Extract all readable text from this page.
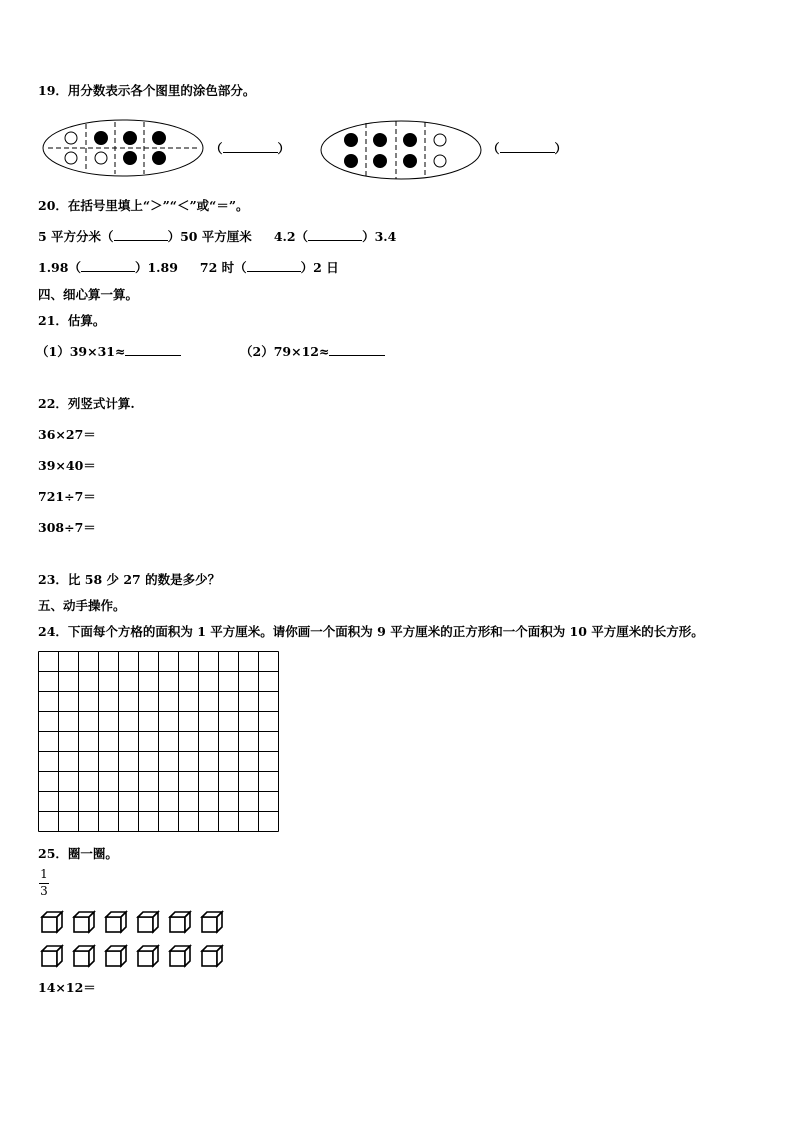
19．用分数表示各个图里的涂色部分。
（	）	（	）
20．在括号里填上“＞”“＜”或“＝”。
5 平方分米（	）50 平方厘米 4.2（	）3.4
1.98（	）1.89 72 时（	）2 日
四、细心算一算。
21．估算。
（1）39×31≈	（2）79×12≈
22．列竖式计算.
36×27＝
39×40＝
721÷7＝
308÷7＝
23．比 58 少 27 的数是多少？
五、动手操作。
24．下面每个方格的面积为 1 平方厘米。请你画一个面积为 9 平方厘米的正方形和一个面积为 10 平方厘米的长方形。
25．圈一圈。
1
3
14×12＝
